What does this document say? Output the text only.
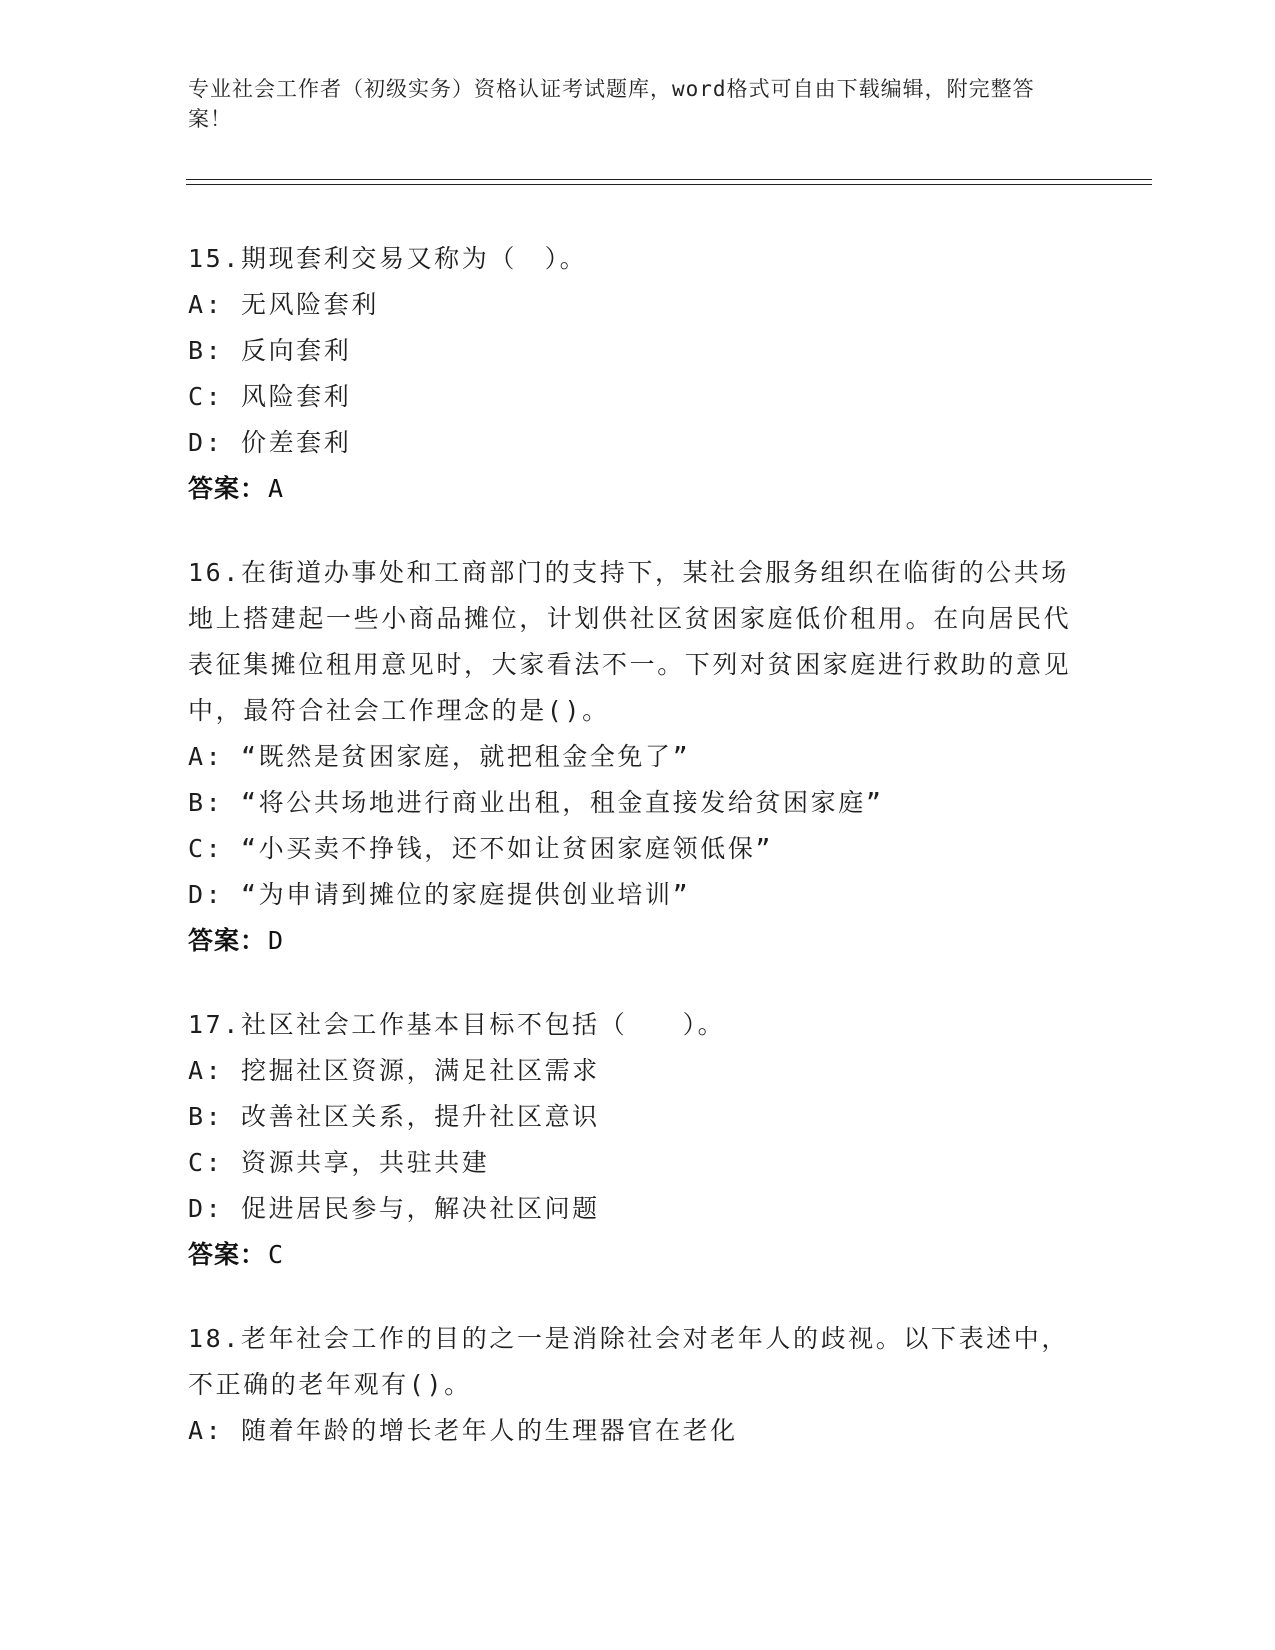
专业社会工作者（初级实务）资格认证考试题库，word格式可自由下载编辑，附完整答案！

15.期现套利交易又称为（　）。

A: 无风险套利

B: 反向套利

C: 风险套利

D: 价差套利

答案：A

16.在街道办事处和工商部门的支持下，某社会服务组织在临街的公共场地上搭建起一些小商品摊位，计划供社区贫困家庭低价租用。在向居民代表征集摊位租用意见时，大家看法不一。下列对贫困家庭进行救助的意见中，最符合社会工作理念的是()。

A: “既然是贫困家庭，就把租金全免了”

B: “将公共场地进行商业出租，租金直接发给贫困家庭”

C: “小买卖不挣钱，还不如让贫困家庭领低保”

D: “为申请到摊位的家庭提供创业培训”

答案：D

17.社区社会工作基本目标不包括（　　）。

A: 挖掘社区资源，满足社区需求

B: 改善社区关系，提升社区意识

C: 资源共享，共驻共建

D: 促进居民参与，解决社区问题

答案：C

18.老年社会工作的目的之一是消除社会对老年人的歧视。以下表述中，不正确的老年观有()。

A: 随着年龄的增长老年人的生理器官在老化
